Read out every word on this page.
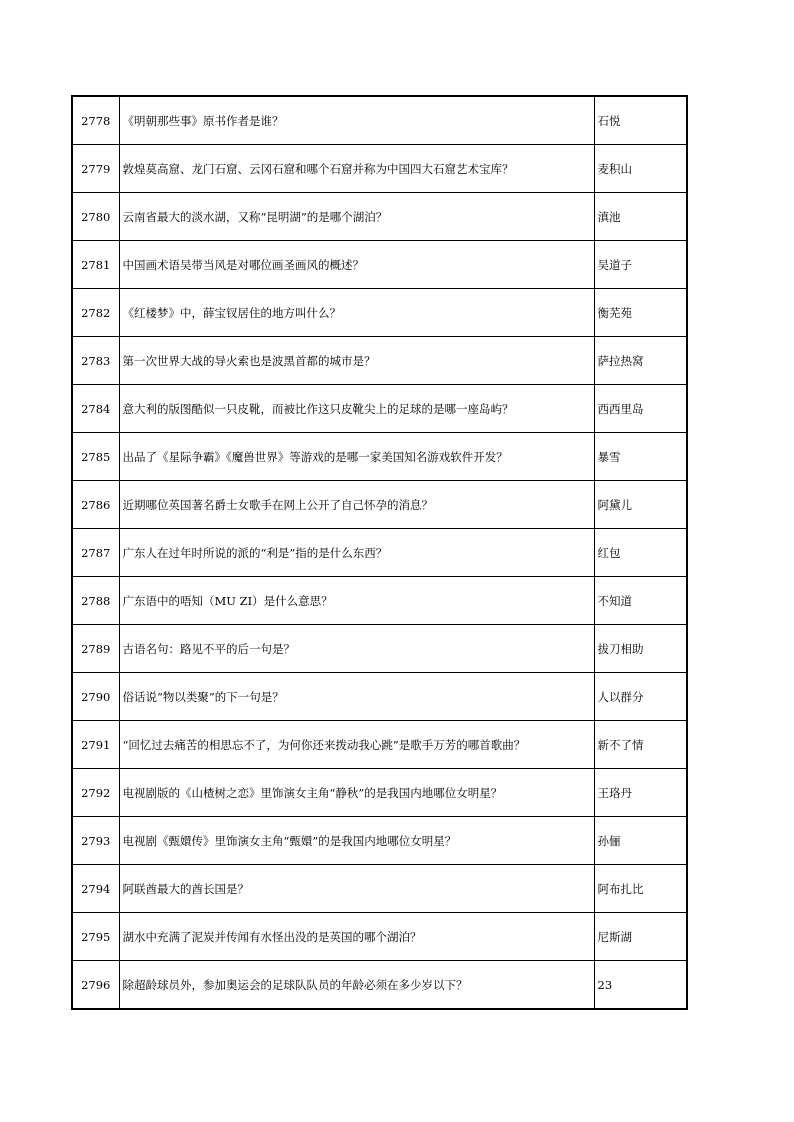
2778	《明朝那些事》原书作者是谁？	石悦
2779	敦煌莫高窟、龙门石窟、云冈石窟和哪个石窟并称为中国四大石窟艺术宝库？	麦积山
2780	云南省最大的淡水湖，又称“昆明湖”的是哪个湖泊？	滇池
2781	中国画术语吴带当风是对哪位画圣画风的概述？	吴道子
2782	《红楼梦》中，薛宝钗居住的地方叫什么？	衡芜苑
2783	第一次世界大战的导火索也是波黑首都的城市是？	萨拉热窝
2784	意大利的版图酷似一只皮靴，而被比作这只皮靴尖上的足球的是哪一座岛屿？	西西里岛
2785	出品了《星际争霸》《魔兽世界》等游戏的是哪一家美国知名游戏软件开发？	暴雪
2786	近期哪位英国著名爵士女歌手在网上公开了自己怀孕的消息？	阿黛儿
2787	广东人在过年时所说的派的“利是”指的是什么东西？	红包
2788	广东语中的唔知（MU ZI）是什么意思？	不知道
2789	古语名句：路见不平的后一句是？	拔刀相助
2790	俗话说“物以类聚”的下一句是？	人以群分
2791	“回忆过去痛苦的相思忘不了，为何你还来拨动我心跳”是歌手万芳的哪首歌曲？	新不了情
2792	电视剧版的《山楂树之恋》里饰演女主角“静秋”的是我国内地哪位女明星？	王珞丹
2793	电视剧《甄嬛传》里饰演女主角“甄嬛”的是我国内地哪位女明星？	孙俪
2794	阿联酋最大的酋长国是？	阿布扎比
2795	湖水中充满了泥炭并传闻有水怪出没的是英国的哪个湖泊？	尼斯湖
2796	除超龄球员外，参加奥运会的足球队队员的年龄必须在多少岁以下？	23
